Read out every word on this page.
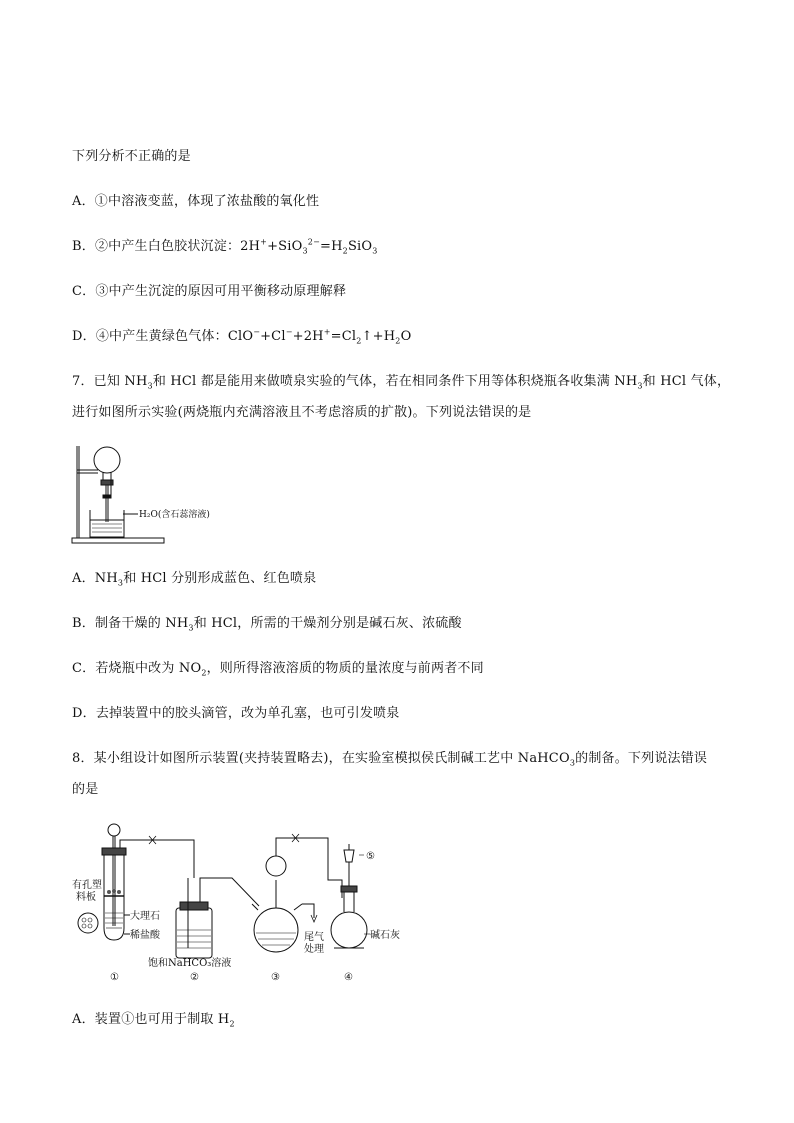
下列分析不正确的是
A．①中溶液变蓝，体现了浓盐酸的氧化性
B．②中产生白色胶状沉淀：$2H^++SiO_3^{2-}=H_2SiO_3$
C．③中产生沉淀的原因可用平衡移动原理解释
D．④中产生黄绿色气体：$ClO^-+Cl^-+2H^+=Cl_2↑+H_2O$
7．已知 $NH_3$和 HCl 都是能用来做喷泉实验的气体，若在相同条件下用等体积烧瓶各收集满 $NH_3$和 HCl 气体，
进行如图所示实验(两烧瓶内充满溶液且不考虑溶质的扩散)。下列说法错误的是
H₂O(含石蕊溶液)
A．$NH_3$和 HCl 分别形成蓝色、红色喷泉
B．制备干燥的 $NH_3$和 HCl，所需的干燥剂分别是碱石灰、浓硫酸
C．若烧瓶中改为 $NO_2$，则所得溶液溶质的物质的量浓度与前两者不同
D．去掉装置中的胶头滴管，改为单孔塞，也可引发喷泉
8．某小组设计如图所示装置(夹持装置略去)，在实验室模拟侯氏制碱工艺中 NaHCO$_3$的制备。下列说法错误
的是
有孔塑
料板
大理石
稀盐酸
饱和NaHCO₃溶液
尾气
处理
碱石灰
⑤
①	②	③	④
A．装置①也可用于制取 $H_2$
